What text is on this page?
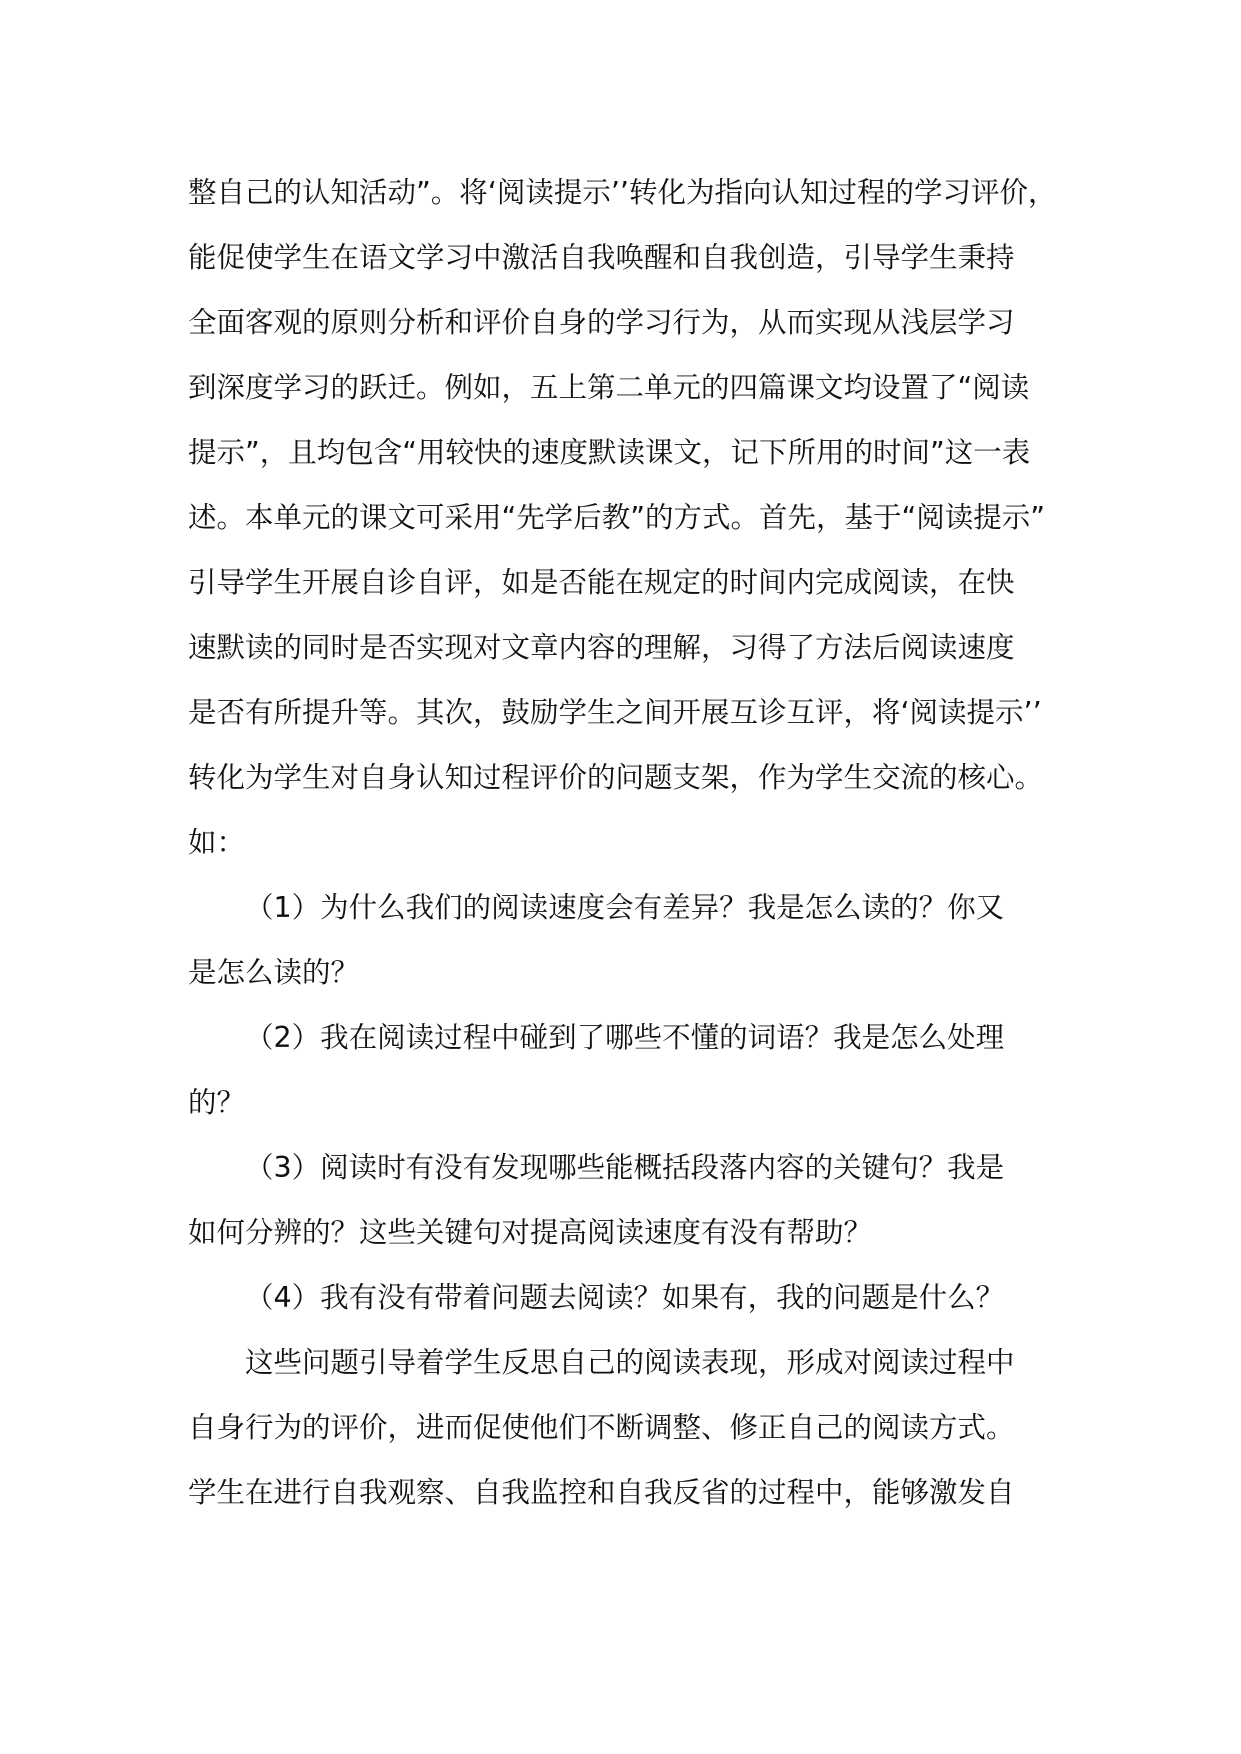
整自己的认知活动”。将‘阅读提示’’转化为指向认知过程的学习评价，
能促使学生在语文学习中激活自我唤醒和自我创造，引导学生秉持
全面客观的原则分析和评价自身的学习行为，从而实现从浅层学习
到深度学习的跃迁。例如，五上第二单元的四篇课文均设置了“阅读
提示”，且均包含“用较快的速度默读课文，记下所用的时间”这一表
述。本单元的课文可采用“先学后教”的方式。首先，基于“阅读提示”
引导学生开展自诊自评，如是否能在规定的时间内完成阅读，在快
速默读的同时是否实现对文章内容的理解，习得了方法后阅读速度
是否有所提升等。其次，鼓励学生之间开展互诊互评，将‘阅读提示’’
转化为学生对自身认知过程评价的问题支架，作为学生交流的核心。
如：
（1）为什么我们的阅读速度会有差异？我是怎么读的？你又
是怎么读的？
（2）我在阅读过程中碰到了哪些不懂的词语？我是怎么处理
的？
（3）阅读时有没有发现哪些能概括段落内容的关键句？我是
如何分辨的？这些关键句对提高阅读速度有没有帮助？
（4）我有没有带着问题去阅读？如果有，我的问题是什么？
这些问题引导着学生反思自己的阅读表现，形成对阅读过程中
自身行为的评价，进而促使他们不断调整、修正自己的阅读方式。
学生在进行自我观察、自我监控和自我反省的过程中，能够激发自
